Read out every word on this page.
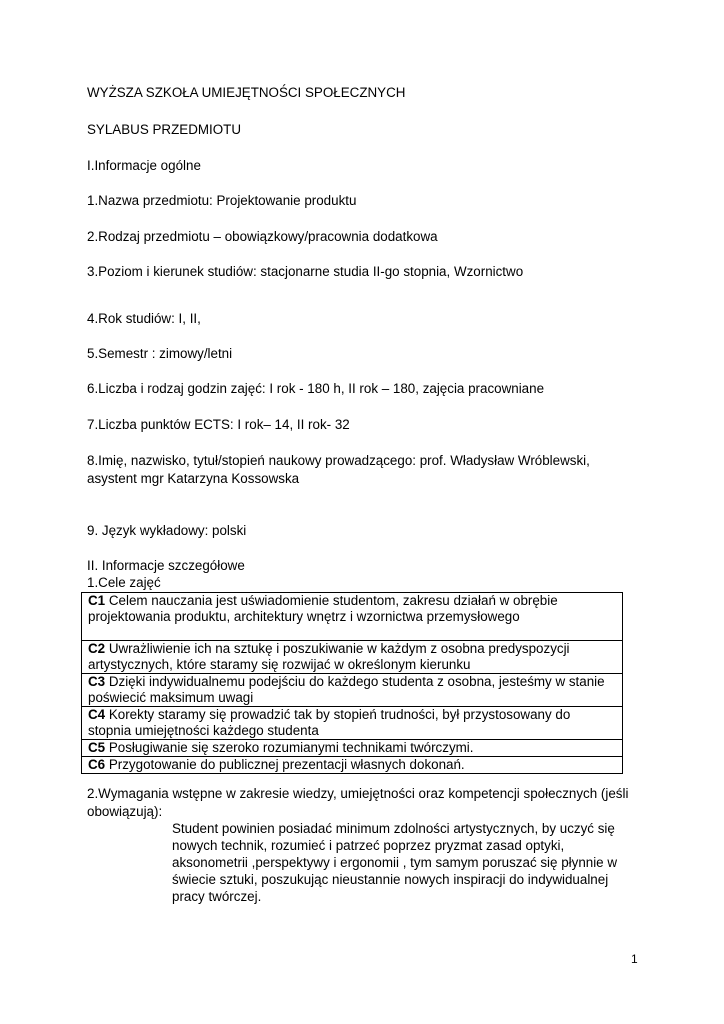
WYŻSZA SZKOŁA UMIEJĘTNOŚCI SPOŁECZNYCH
SYLABUS PRZEDMIOTU
I.Informacje ogólne
1.Nazwa przedmiotu: Projektowanie produktu
2.Rodzaj przedmiotu – obowiązkowy/pracownia dodatkowa
3.Poziom i kierunek studiów: stacjonarne studia II-go stopnia, Wzornictwo
4.Rok studiów: I, II,
5.Semestr : zimowy/letni
6.Liczba i rodzaj godzin zajęć: I rok - 180 h, II rok – 180, zajęcia pracowniane
7.Liczba punktów ECTS: I rok– 14, II rok- 32
8.Imię, nazwisko, tytuł/stopień naukowy prowadzącego: prof. Władysław Wróblewski,
asystent mgr Katarzyna Kossowska
9. Język wykładowy: polski
II. Informacje szczegółowe
1.Cele zajęć
C1 Celem nauczania jest uświadomienie studentom, zakresu działań w obrębie
projektowania produktu, architektury wnętrz i wzornictwa przemysłowego
C2 Uwrażliwienie ich na sztukę i poszukiwanie w każdym z osobna predyspozycji
artystycznych, które staramy się rozwijać w określonym kierunku
C3 Dzięki indywidualnemu podejściu do każdego studenta z osobna, jesteśmy w stanie
poświecić maksimum uwagi
C4 Korekty staramy się prowadzić tak by stopień trudności, był przystosowany do
stopnia umiejętności każdego studenta
C5 Posługiwanie się szeroko rozumianymi technikami twórczymi.
C6 Przygotowanie do publicznej prezentacji własnych dokonań.
2.Wymagania wstępne w zakresie wiedzy, umiejętności oraz kompetencji społecznych (jeśli obowiązują):
Student powinien posiadać minimum zdolności artystycznych, by uczyć się nowych technik, rozumieć i patrzeć poprzez pryzmat zasad optyki, aksonometrii ,perspektywy i ergonomii , tym samym poruszać się płynnie w świecie sztuki, poszukując nieustannie nowych inspiracji do indywidualnej pracy twórczej.
1
